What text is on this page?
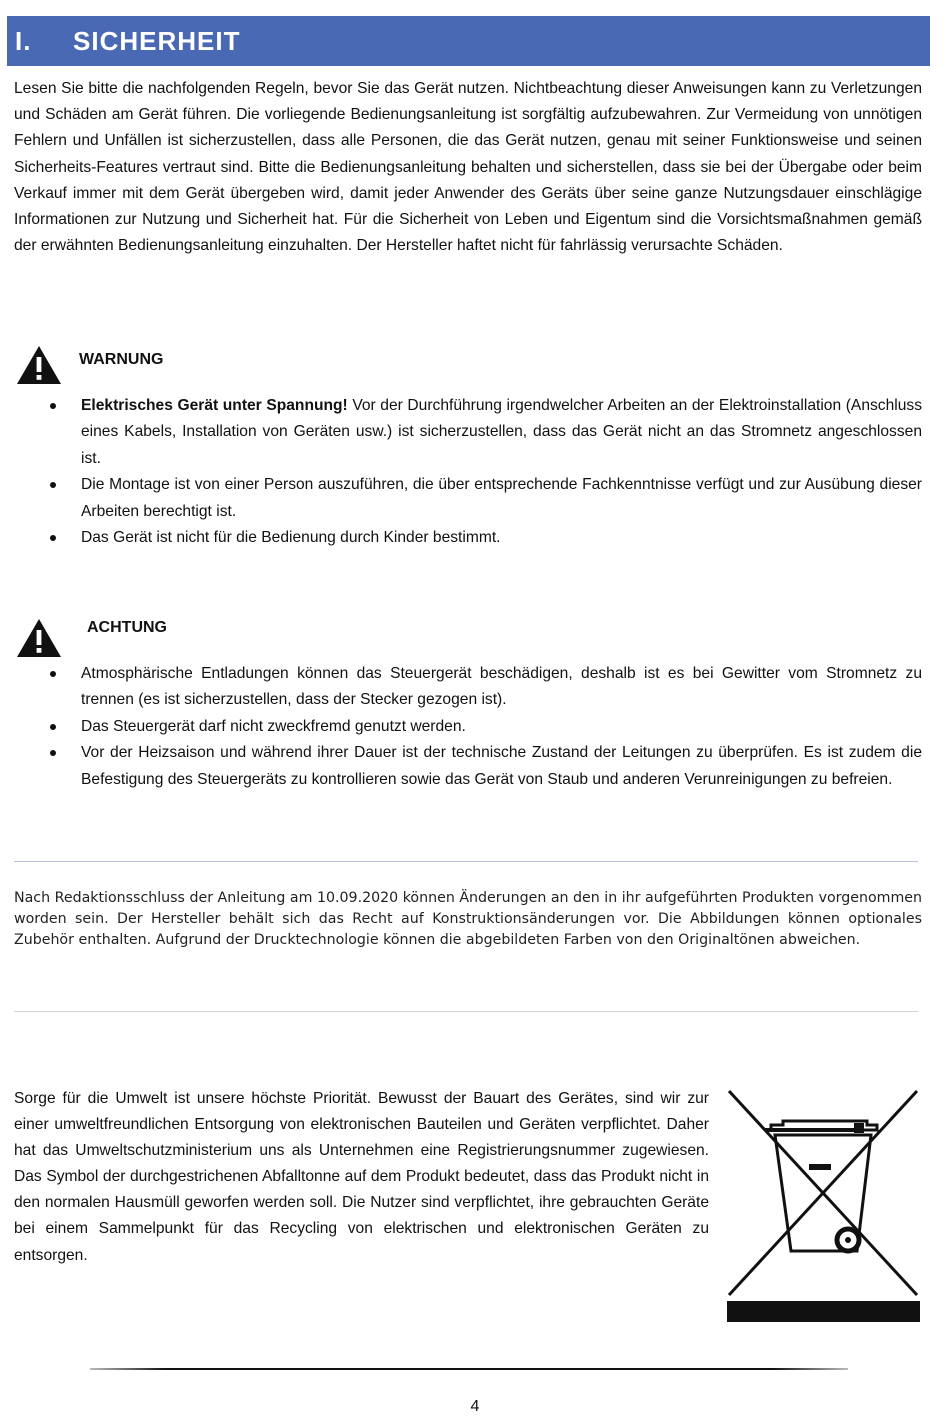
I.	SICHERHEIT
Lesen Sie bitte die nachfolgenden Regeln, bevor Sie das Gerät nutzen. Nichtbeachtung dieser Anweisungen kann zu Verletzungen und Schäden am Gerät führen. Die vorliegende Bedienungsanleitung ist sorgfältig aufzubewahren. Zur Vermeidung von unnötigen Fehlern und Unfällen ist sicherzustellen, dass alle Personen, die das Gerät nutzen, genau mit seiner Funktionsweise und seinen Sicherheits-Features vertraut sind. Bitte die Bedienungsanleitung behalten und sicherstellen, dass sie bei der Übergabe oder beim Verkauf immer mit dem Gerät übergeben wird, damit jeder Anwender des Geräts über seine ganze Nutzungsdauer einschlägige Informationen zur Nutzung und Sicherheit hat. Für die Sicherheit von Leben und Eigentum sind die Vorsichtsmaßnahmen gemäß der erwähnten Bedienungsanleitung einzuhalten. Der Hersteller haftet nicht für fahrlässig verursachte Schäden.
WARNUNG
Elektrisches Gerät unter Spannung! Vor der Durchführung irgendwelcher Arbeiten an der Elektroinstallation (Anschluss eines Kabels, Installation von Geräten usw.) ist sicherzustellen, dass das Gerät nicht an das Stromnetz angeschlossen ist.
Die Montage ist von einer Person auszuführen, die über entsprechende Fachkenntnisse verfügt und zur Ausübung dieser Arbeiten berechtigt ist.
Das Gerät ist nicht für die Bedienung durch Kinder bestimmt.
ACHTUNG
Atmosphärische Entladungen können das Steuergerät beschädigen, deshalb ist es bei Gewitter vom Stromnetz zu trennen (es ist sicherzustellen, dass der Stecker gezogen ist).
Das Steuergerät darf nicht zweckfremd genutzt werden.
Vor der Heizsaison und während ihrer Dauer ist der technische Zustand der Leitungen zu überprüfen. Es ist zudem die Befestigung des Steuergeräts zu kontrollieren sowie das Gerät von Staub und anderen Verunreinigungen zu befreien.
Nach Redaktionsschluss der Anleitung am 10.09.2020 können Änderungen an den in ihr aufgeführten Produkten vorgenommen worden sein. Der Hersteller behält sich das Recht auf Konstruktionsänderungen vor. Die Abbildungen können optionales Zubehör enthalten. Aufgrund der Drucktechnologie können die abgebildeten Farben von den Originaltönen abweichen.
Sorge für die Umwelt ist unsere höchste Priorität. Bewusst der Bauart des Gerätes, sind wir zur einer umweltfreundlichen Entsorgung von elektronischen Bauteilen und Geräten verpflichtet. Daher hat das Umweltschutzministerium uns als Unternehmen eine Registrierungsnummer zugewiesen. Das Symbol der durchgestrichenen Abfalltonne auf dem Produkt bedeutet, dass das Produkt nicht in den normalen Hausmüll geworfen werden soll. Die Nutzer sind verpflichtet, ihre gebrauchten Geräte bei einem Sammelpunkt für das Recycling von elektrischen und elektronischen Geräten zu entsorgen.
4
